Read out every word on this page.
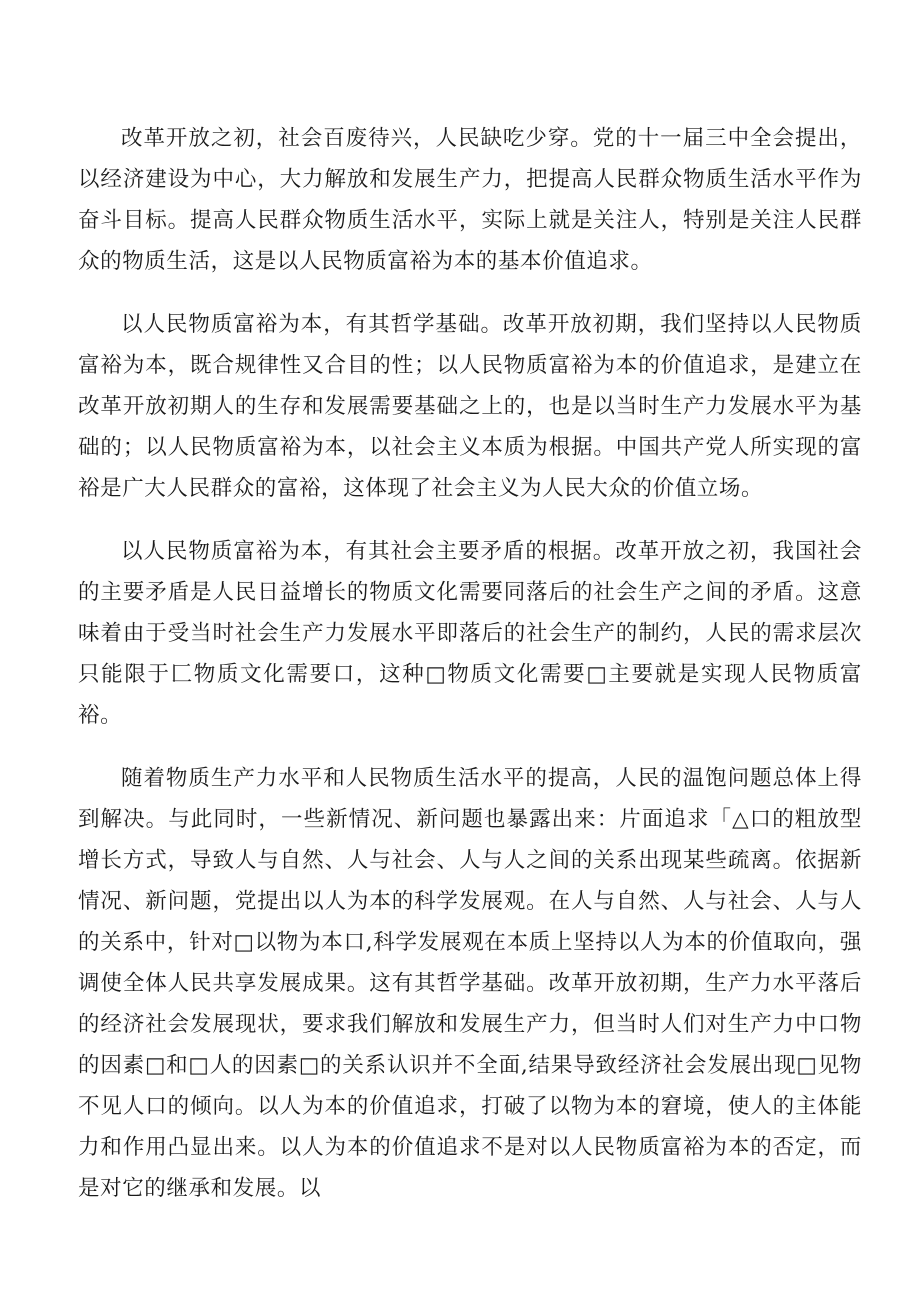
改革开放之初，社会百废待兴，人民缺吃少穿。党的十一届三中全会提出，以经济建设为中心，大力解放和发展生产力，把提高人民群众物质生活水平作为奋斗目标。提高人民群众物质生活水平，实际上就是关注人，特别是关注人民群众的物质生活，这是以人民物质富裕为本的基本价值追求。

以人民物质富裕为本，有其哲学基础。改革开放初期，我们坚持以人民物质富裕为本，既合规律性又合目的性；以人民物质富裕为本的价值追求，是建立在改革开放初期人的生存和发展需要基础之上的，也是以当时生产力发展水平为基础的；以人民物质富裕为本，以社会主义本质为根据。中国共产党人所实现的富裕是广大人民群众的富裕，这体现了社会主义为人民大众的价值立场。

以人民物质富裕为本，有其社会主要矛盾的根据。改革开放之初，我国社会的主要矛盾是人民日益增长的物质文化需要同落后的社会生产之间的矛盾。这意味着由于受当时社会生产力发展水平即落后的社会生产的制约，人民的需求层次只能限于匚物质文化需要口，这种□物质文化需要□主要就是实现人民物质富裕。

随着物质生产力水平和人民物质生活水平的提高，人民的温饱问题总体上得到解决。与此同时，一些新情况、新问题也暴露出来：片面追求「△口的粗放型增长方式，导致人与自然、人与社会、人与人之间的关系出现某些疏离。依据新情况、新问题，党提出以人为本的科学发展观。在人与自然、人与社会、人与人的关系中，针对□以物为本口,科学发展观在本质上坚持以人为本的价值取向，强调使全体人民共享发展成果。这有其哲学基础。改革开放初期，生产力水平落后的经济社会发展现状，要求我们解放和发展生产力，但当时人们对生产力中口物的因素□和□人的因素□的关系认识并不全面,结果导致经济社会发展出现□见物不见人口的倾向。以人为本的价值追求，打破了以物为本的窘境，使人的主体能力和作用凸显出来。以人为本的价值追求不是对以人民物质富裕为本的否定，而是对它的继承和发展。以
